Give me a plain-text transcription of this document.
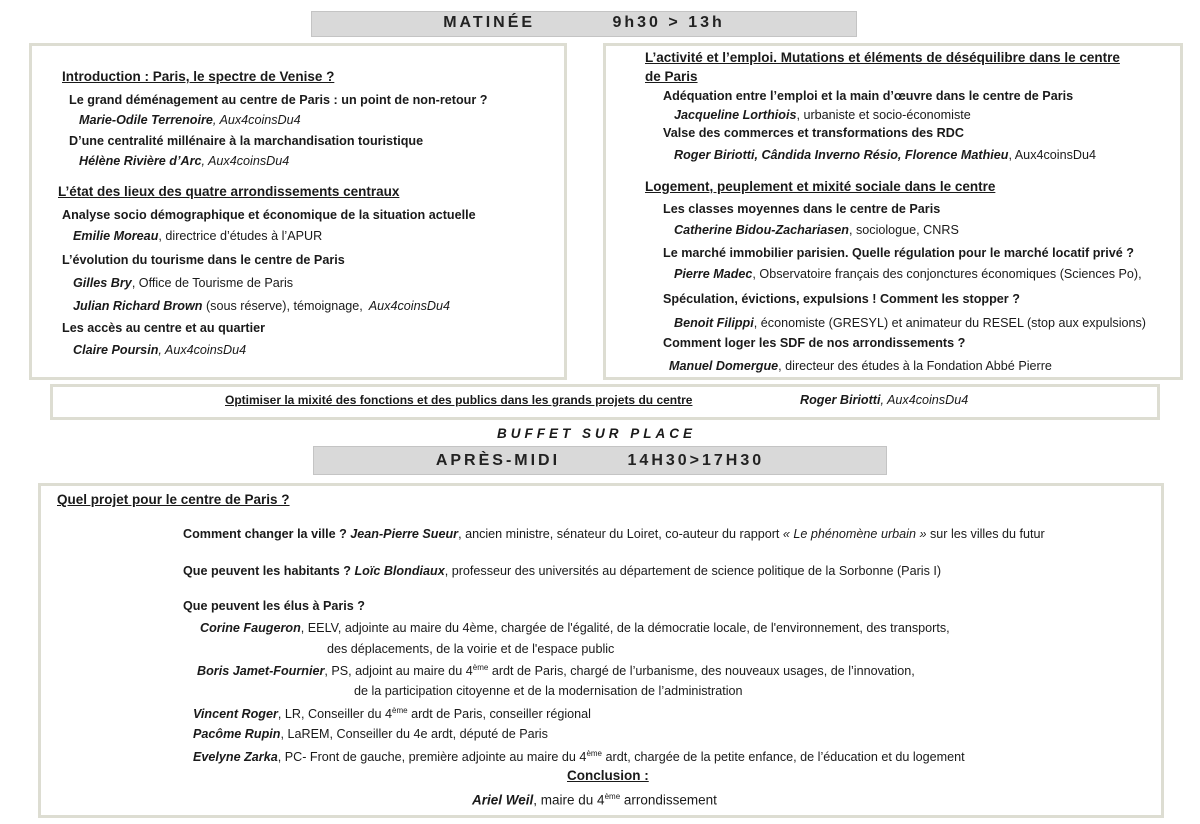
MATINÉE	9h30 > 13h
Introduction : Paris, le spectre de Venise ?
Le grand déménagement au centre de Paris : un point de non-retour ?
Marie-Odile Terrenoire, Aux4coinsDu4
D’une centralité millénaire à la marchandisation touristique
Hélène Rivière d’Arc, Aux4coinsDu4
L’état des lieux des quatre arrondissements centraux
Analyse socio démographique et économique de la situation actuelle
Emilie Moreau, directrice d’études à l’APUR
L’évolution du tourisme dans le centre de Paris
Gilles Bry, Office de Tourisme de Paris
Julian Richard Brown (sous réserve), témoignage, Aux4coinsDu4
Les accès au centre et au quartier
Claire Poursin, Aux4coinsDu4
L’activité et l’emploi. Mutations et éléments de déséquilibre dans le centre
de Paris
Adéquation entre l’emploi et la main d’œuvre dans le centre de Paris
Jacqueline Lorthiois, urbaniste et socio-économiste
Valse des commerces et transformations des RDC
Roger Biriotti, Cândida Inverno Résio, Florence Mathieu, Aux4coinsDu4
Logement, peuplement et mixité sociale dans le centre
Les classes moyennes dans le centre de Paris
Catherine Bidou-Zachariasen, sociologue, CNRS
Le marché immobilier parisien. Quelle régulation pour le marché locatif privé ?
Pierre Madec, Observatoire français des conjonctures économiques (Sciences Po),
Spéculation, évictions, expulsions ! Comment les stopper ?
Benoit Filippi, économiste (GRESYL) et animateur du RESEL (stop aux expulsions)
Comment loger les SDF de nos arrondissements ?
Manuel Domergue, directeur des études à la Fondation Abbé Pierre
Optimiser la mixité des fonctions et des publics dans les grands projets du centre	Roger Biriotti, Aux4coinsDu4
BUFFET SUR PLACE
APRÈS-MIDI	14H30>17H30
Quel projet pour le centre de Paris ?
Comment changer la ville ? Jean-Pierre Sueur, ancien ministre, sénateur du Loiret, co-auteur du rapport « Le phénomène urbain » sur les villes du futur
Que peuvent les habitants ? Loïc Blondiaux, professeur des universités au département de science politique de la Sorbonne (Paris I)
Que peuvent les élus à Paris ?
Corine Faugeron, EELV, adjointe au maire du 4ème, chargée de l'égalité, de la démocratie locale, de l'environnement, des transports,
des déplacements, de la voirie et de l'espace public
Boris Jamet-Fournier, PS, adjoint au maire du 4ème ardt de Paris, chargé de l’urbanisme, des nouveaux usages, de l’innovation,
de la participation citoyenne et de la modernisation de l’administration
Vincent Roger, LR, Conseiller du 4ème ardt de Paris, conseiller régional
Pacôme Rupin, LaREM, Conseiller du 4e ardt, député de Paris
Evelyne Zarka, PC- Front de gauche, première adjointe au maire du 4ème ardt, chargée de la petite enfance, de l’éducation et du logement
Conclusion :
Ariel Weil, maire du 4ème arrondissement
